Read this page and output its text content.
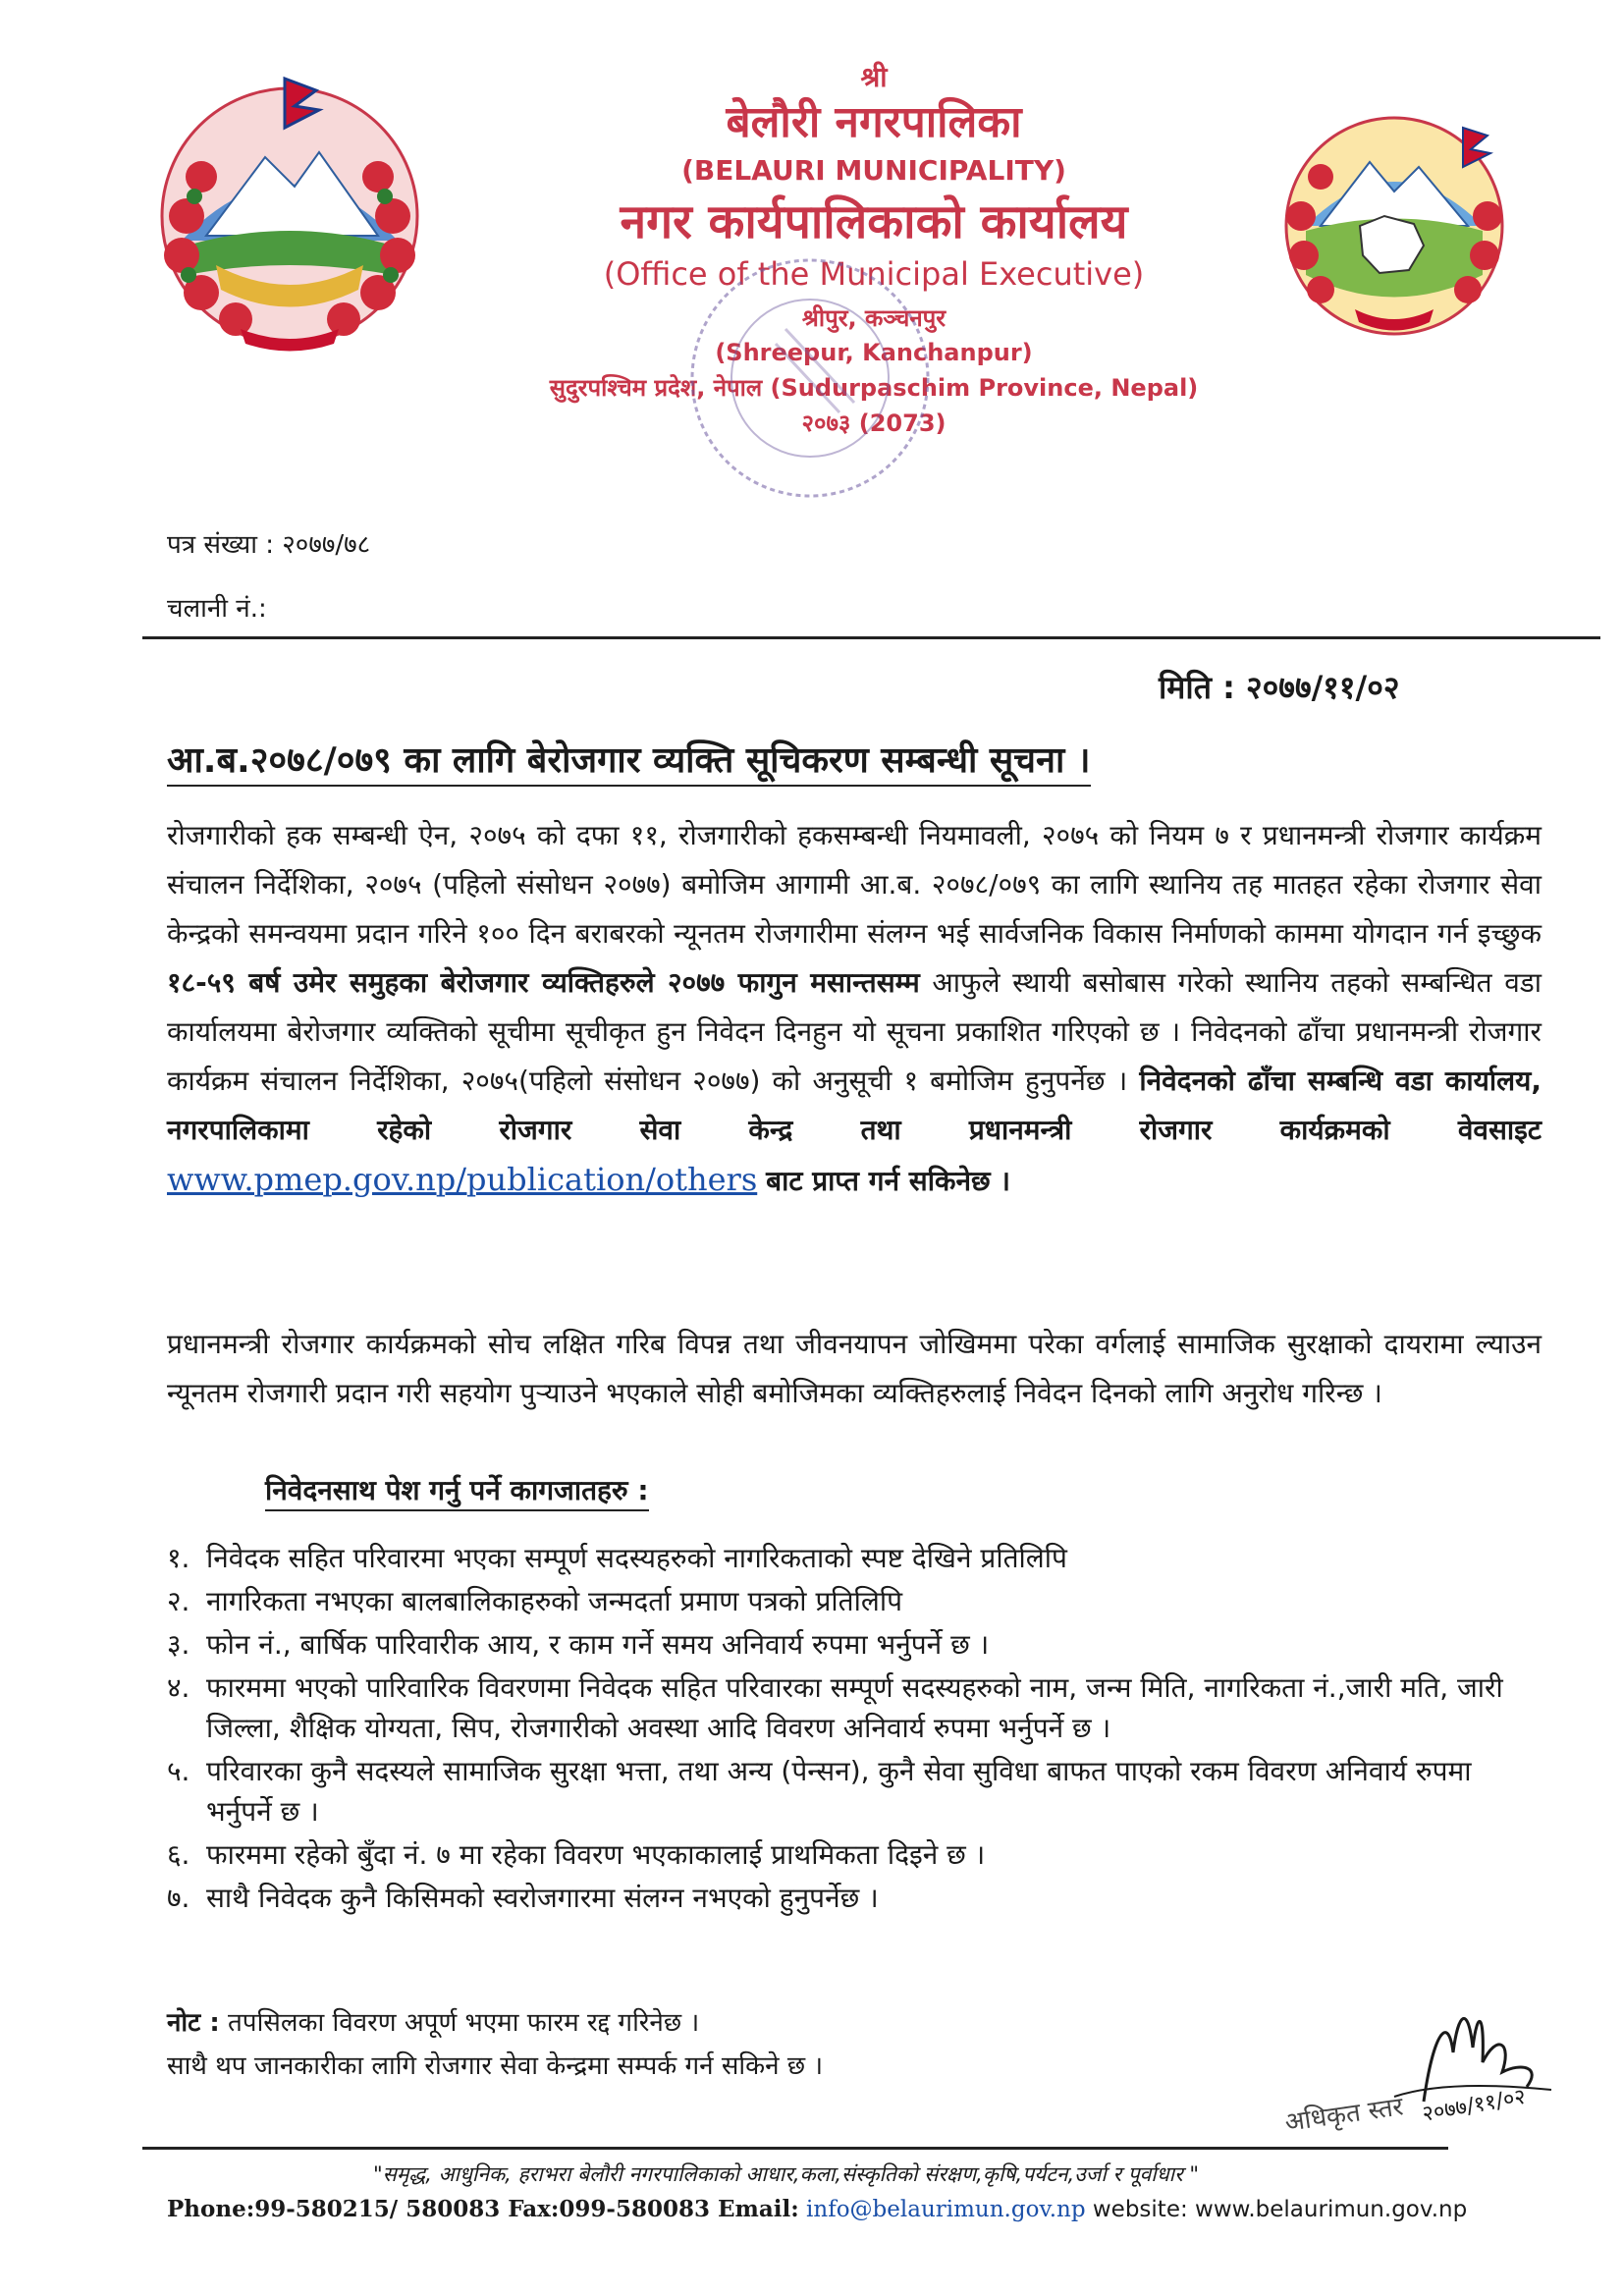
श्री
बेलौरी नगरपालिका
(BELAURI MUNICIPALITY)
नगर कार्यपालिकाको कार्यालय
(Office of the Municipal Executive)
श्रीपुर, कञ्चनपुर
(Shreepur, Kanchanpur)
सुदुरपश्चिम प्रदेश, नेपाल (Sudurpaschim Province, Nepal)
२०७३ (2073)
पत्र संख्या : २०७७/७८
चलानी नं.:
मिति : २०७७/११/०२
आ.ब.२०७८/०७९ का लागि बेरोजगार व्यक्ति सूचिकरण सम्बन्धी सूचना ।

रोजगारीको हक सम्बन्धी ऐन, २०७५ को दफा ११, रोजगारीको हकसम्बन्धी नियमावली, २०७५ को नियम ७ र प्रधानमन्त्री रोजगार कार्यक्रम संचालन निर्देशिका, २०७५ (पहिलो संसोधन २०७७) बमोजिम आगामी आ.ब. २०७८/०७९ का लागि स्थानिय तह मातहत रहेका रोजगार सेवा केन्द्रको समन्वयमा प्रदान गरिने १०० दिन बराबरको न्यूनतम रोजगारीमा संलग्न भई सार्वजनिक विकास निर्माणको काममा योगदान गर्न इच्छुक १८-५९ बर्ष उमेर समुहका बेरोजगार व्यक्तिहरुले २०७७ फागुन मसान्तसम्म आफुले स्थायी बसोबास गरेको स्थानिय तहको सम्बन्धित वडा कार्यालयमा बेरोजगार व्यक्तिको सूचीमा सूचीकृत हुन निवेदन दिनहुन यो सूचना प्रकाशित गरिएको छ । निवेदनको ढाँचा प्रधानमन्त्री रोजगार कार्यक्रम संचालन निर्देशिका, २०७५(पहिलो संसोधन २०७७) को अनुसूची १ बमोजिम हुनुपर्नेछ । निवेदनको ढाँचा सम्बन्धि वडा कार्यालय, नगरपालिकामा रहेको रोजगार सेवा केन्द्र तथा प्रधानमन्त्री रोजगार कार्यक्रमको वेवसाइट www.pmep.gov.np/publication/others बाट प्राप्त गर्न सकिनेछ ।

प्रधानमन्त्री रोजगार कार्यक्रमको सोच लक्षित गरिब विपन्न तथा जीवनयापन जोखिममा परेका वर्गलाई सामाजिक सुरक्षाको दायरामा ल्याउन न्यूनतम रोजगारी प्रदान गरी सहयोग पुऱ्याउने भएकाले सोही बमोजिमका व्यक्तिहरुलाई निवेदन दिनको लागि अनुरोध गरिन्छ ।

निवेदनसाथ पेश गर्नु पर्ने कागजातहरु :
१. निवेदक सहित परिवारमा भएका सम्पूर्ण सदस्यहरुको नागरिकताको स्पष्ट देखिने प्रतिलिपि
२. नागरिकता नभएका बालबालिकाहरुको जन्मदर्ता प्रमाण पत्रको प्रतिलिपि
३. फोन नं., बार्षिक पारिवारीक आय, र काम गर्ने समय अनिवार्य रुपमा भर्नुपर्ने छ ।
४. फारममा भएको पारिवारिक विवरणमा निवेदक सहित परिवारका सम्पूर्ण सदस्यहरुको नाम, जन्म मिति, नागरिकता नं.,जारी मति, जारी जिल्ला, शैक्षिक योग्यता, सिप, रोजगारीको अवस्था आदि विवरण अनिवार्य रुपमा भर्नुपर्ने छ ।
५. परिवारका कुनै सदस्यले सामाजिक सुरक्षा भत्ता, तथा अन्य (पेन्सन), कुनै सेवा सुविधा बाफत पाएको रकम विवरण अनिवार्य रुपमा भर्नुपर्ने छ ।
६. फारममा रहेको बुँदा नं. ७ मा रहेका विवरण भएकाकालाई प्राथमिकता दिइने छ ।
७. साथै निवेदक कुनै किसिमको स्वरोजगारमा संलग्न नभएको हुनुपर्नेछ ।
नोट : तपसिलका विवरण अपूर्ण भएमा फारम रद्द गरिनेछ ।
साथै थप जानकारीका लागि रोजगार सेवा केन्द्रमा सम्पर्क गर्न सकिने छ ।
अधिकृत स्तर २०७७/११/०२
"समृद्ध, आधुनिक, हराभरा बेलौरी नगरपालिकाको आधार,कला,संस्कृतिको संरक्षण,कृषि,पर्यटन,उर्जा र पूर्वाधार "
Phone:99-580215/ 580083 Fax:099-580083 Email: info@belaurimun.gov.np website: www.belaurimun.gov.np
